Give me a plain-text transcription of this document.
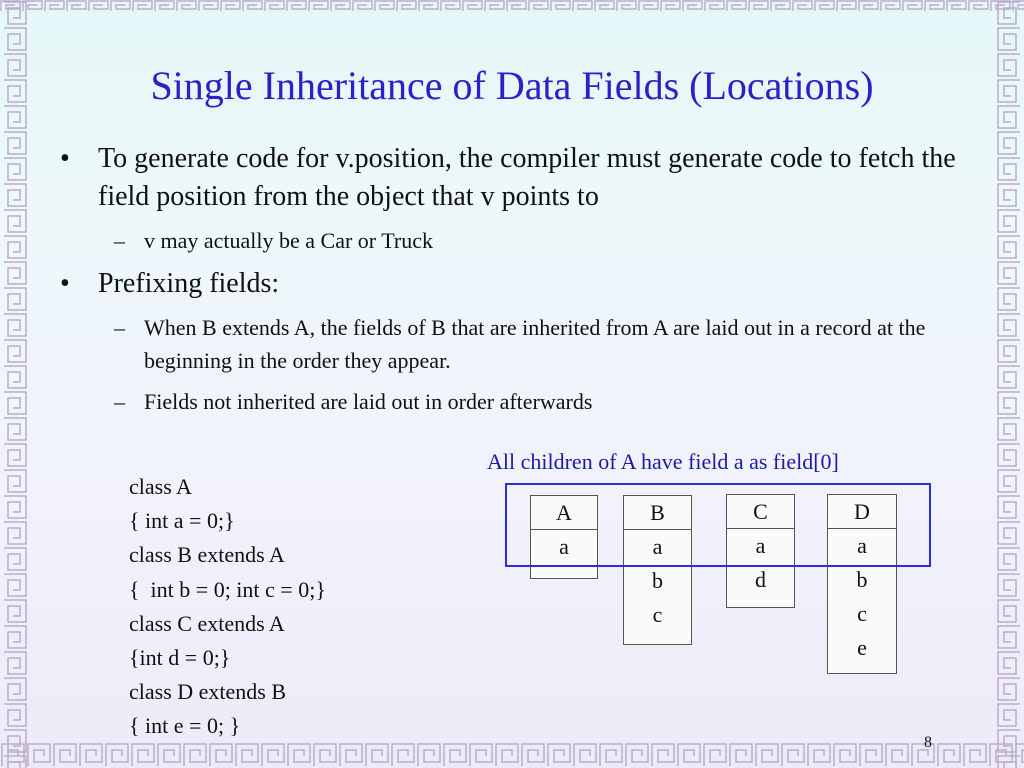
Single Inheritance of Data Fields (Locations)
• To generate code for v.position, the compiler must generate code to fetch the field position from the object that v points to
– v may actually be a Car or Truck
• Prefixing fields:
– When B extends A, the fields of B that are inherited from A are laid out in a record at the beginning in the order they appear.
– Fields not inherited are laid out in order afterwards
class A
{ int a = 0;}
class B extends A
{  int b = 0; int c = 0;}
class C extends A
{int d = 0;}
class D extends B
{ int e = 0; }
All children of A have field a as field[0]
A
a
B
a
b
c
C
a
d
D
a
b
c
e
8
